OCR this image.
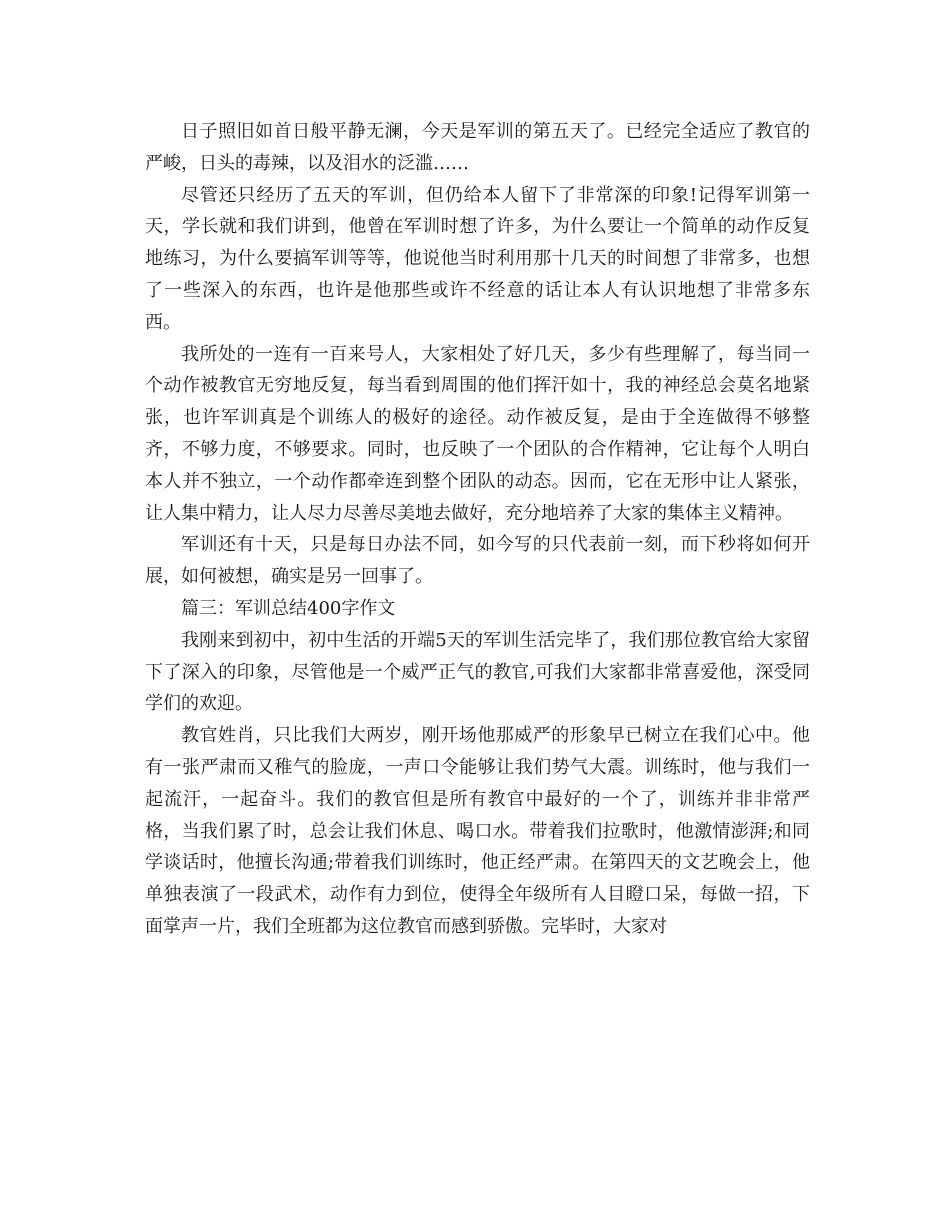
日子照旧如首日般平静无澜，今天是军训的第五天了。已经完全适应了教官的严峻，日头的毒辣，以及泪水的泛滥……

尽管还只经历了五天的军训，但仍给本人留下了非常深的印象!记得军训第一天，学长就和我们讲到，他曾在军训时想了许多，为什么要让一个简单的动作反复地练习，为什么要搞军训等等，他说他当时利用那十几天的时间想了非常多，也想了一些深入的东西，也许是他那些或许不经意的话让本人有认识地想了非常多东西。

我所处的一连有一百来号人，大家相处了好几天，多少有些理解了，每当同一个动作被教官无穷地反复，每当看到周围的他们挥汗如十，我的神经总会莫名地紧张，也许军训真是个训练人的极好的途径。动作被反复，是由于全连做得不够整齐，不够力度，不够要求。同时，也反映了一个团队的合作精神，它让每个人明白本人并不独立，一个动作都牵连到整个团队的动态。因而，它在无形中让人紧张，让人集中精力，让人尽力尽善尽美地去做好，充分地培养了大家的集体主义精神。

军训还有十天，只是每日办法不同，如今写的只代表前一刻，而下秒将如何开展，如何被想，确实是另一回事了。

篇三：军训总结400字作文

我刚来到初中，初中生活的开端5天的军训生活完毕了，我们那位教官给大家留下了深入的印象，尽管他是一个威严正气的教官,可我们大家都非常喜爱他，深受同学们的欢迎。

教官姓肖，只比我们大两岁，刚开场他那威严的形象早已树立在我们心中。他有一张严肃而又稚气的脸庞，一声口令能够让我们势气大震。训练时，他与我们一起流汗，一起奋斗。我们的教官但是所有教官中最好的一个了，训练并非非常严格，当我们累了时，总会让我们休息、喝口水。带着我们拉歌时，他激情澎湃;和同学谈话时，他擅长沟通;带着我们训练时，他正经严肃。在第四天的文艺晚会上，他单独表演了一段武术，动作有力到位，使得全年级所有人目瞪口呆，每做一招，下面掌声一片，我们全班都为这位教官而感到骄傲。完毕时，大家对
